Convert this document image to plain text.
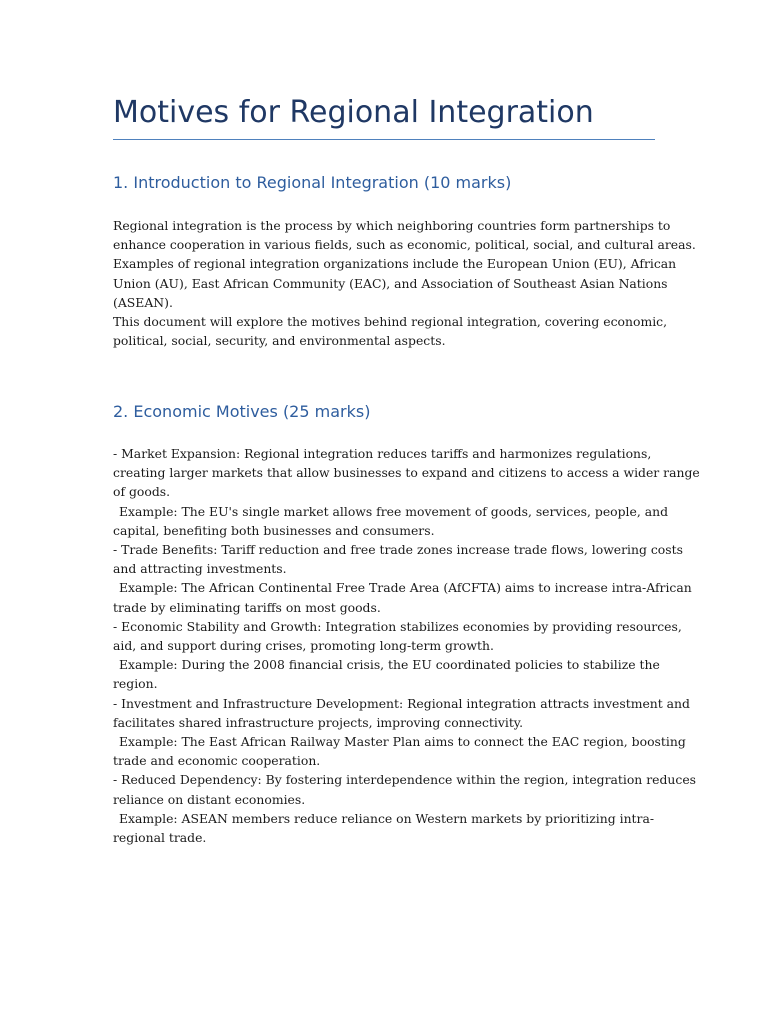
Motives for Regional Integration
1. Introduction to Regional Integration (10 marks)
Regional integration is the process by which neighboring countries form partnerships to
enhance cooperation in various fields, such as economic, political, social, and cultural areas.
Examples of regional integration organizations include the European Union (EU), African
Union (AU), East African Community (EAC), and Association of Southeast Asian Nations
(ASEAN).
This document will explore the motives behind regional integration, covering economic,
political, social, security, and environmental aspects.
2. Economic Motives (25 marks)
- Market Expansion: Regional integration reduces tariffs and harmonizes regulations,
creating larger markets that allow businesses to expand and citizens to access a wider range
of goods.
Example: The EU's single market allows free movement of goods, services, people, and
capital, benefiting both businesses and consumers.
- Trade Benefits: Tariff reduction and free trade zones increase trade flows, lowering costs
and attracting investments.
Example: The African Continental Free Trade Area (AfCFTA) aims to increase intra-African
trade by eliminating tariffs on most goods.
- Economic Stability and Growth: Integration stabilizes economies by providing resources,
aid, and support during crises, promoting long-term growth.
Example: During the 2008 financial crisis, the EU coordinated policies to stabilize the
region.
- Investment and Infrastructure Development: Regional integration attracts investment and
facilitates shared infrastructure projects, improving connectivity.
Example: The East African Railway Master Plan aims to connect the EAC region, boosting
trade and economic cooperation.
- Reduced Dependency: By fostering interdependence within the region, integration reduces
reliance on distant economies.
Example: ASEAN members reduce reliance on Western markets by prioritizing intra-
regional trade.
